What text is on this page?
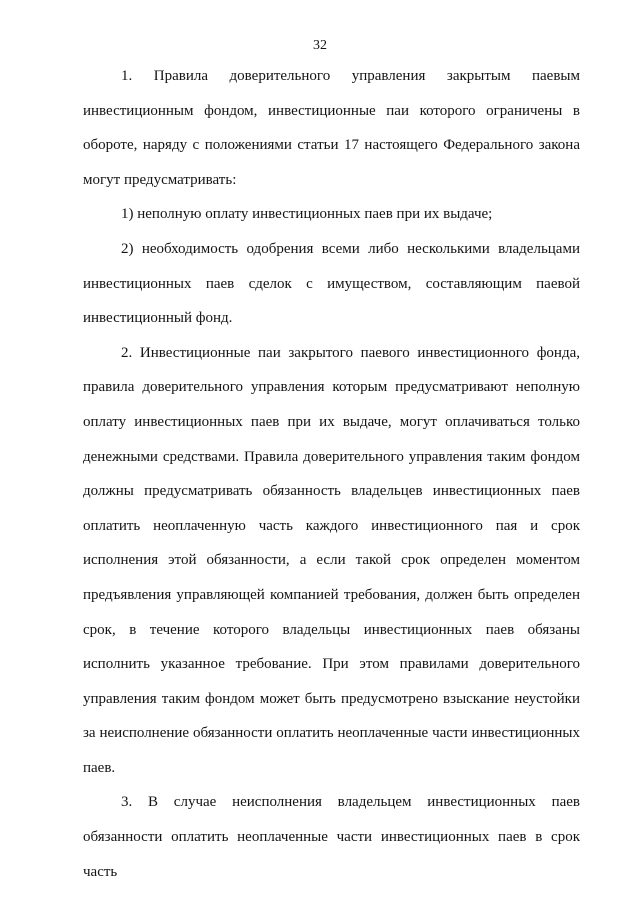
32

1. Правила доверительного управления закрытым паевым инвестиционным фондом, инвестиционные паи которого ограничены в обороте, наряду с положениями статьи 17 настоящего Федерального закона могут предусматривать:

1) неполную оплату инвестиционных паев при их выдаче;

2) необходимость одобрения всеми либо несколькими владельцами инвестиционных паев сделок с имуществом, составляющим паевой инвестиционный фонд.

2. Инвестиционные паи закрытого паевого инвестиционного фонда, правила доверительного управления которым предусматривают неполную оплату инвестиционных паев при их выдаче, могут оплачиваться только денежными средствами. Правила доверительного управления таким фондом должны предусматривать обязанность владельцев инвестиционных паев оплатить неоплаченную часть каждого инвестиционного пая и срок исполнения этой обязанности, а если такой срок определен моментом предъявления управляющей компанией требования, должен быть определен срок, в течение которого владельцы инвестиционных паев обязаны исполнить указанное требование. При этом правилами доверительного управления таким фондом может быть предусмотрено взыскание неустойки за неисполнение обязанности оплатить неоплаченные части инвестиционных паев.

3. В случае неисполнения владельцем инвестиционных паев обязанности оплатить неоплаченные части инвестиционных паев в срок часть
